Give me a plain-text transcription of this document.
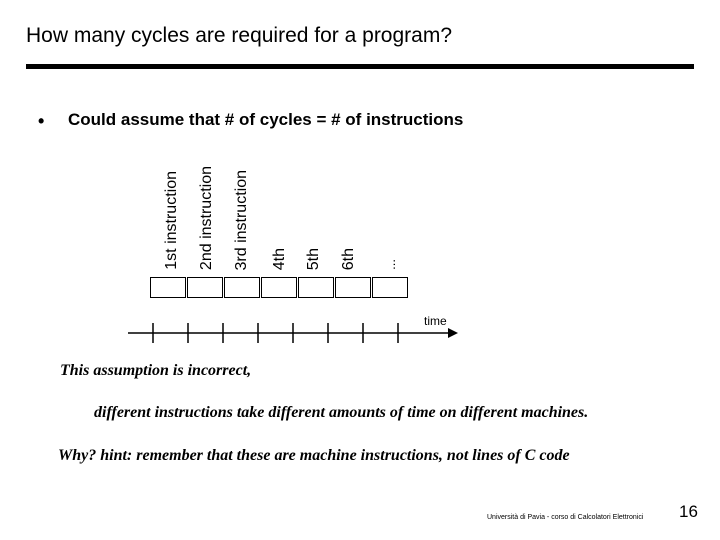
How many cycles are required for a program?
• Could assume that # of cycles = # of instructions
1st instruction 2nd instruction 3rd instruction 4th 5th 6th ...
time
This assumption is incorrect,
different instructions take different amounts of time on different machines.
Why? hint: remember that these are machine instructions, not lines of C code
Università di Pavia - corso di Calcolatori Elettronici 16
